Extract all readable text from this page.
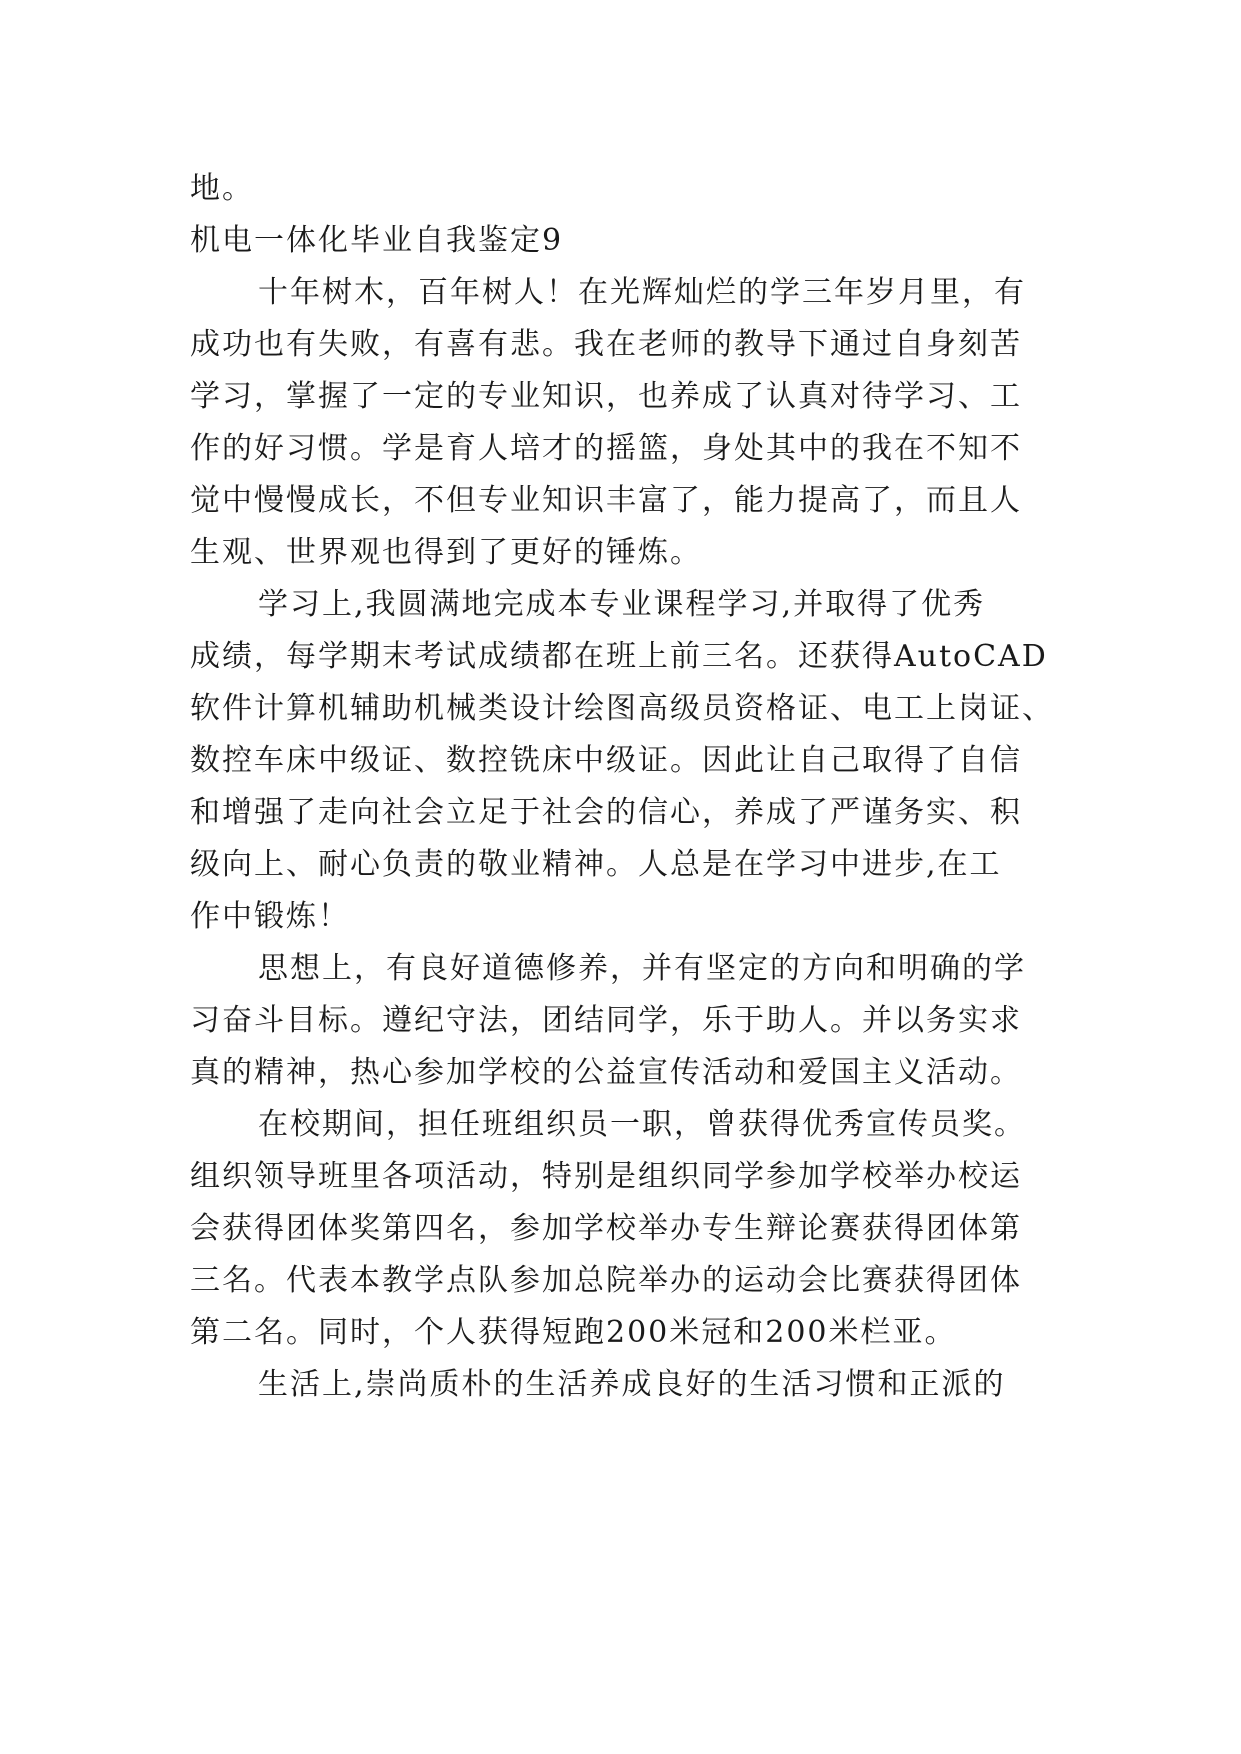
地。
机电一体化毕业自我鉴定9
十年树木，百年树人！在光辉灿烂的学三年岁月里，有
成功也有失败，有喜有悲。我在老师的教导下通过自身刻苦
学习，掌握了一定的专业知识，也养成了认真对待学习、工
作的好习惯。学是育人培才的摇篮，身处其中的我在不知不
觉中慢慢成长，不但专业知识丰富了，能力提高了，而且人
生观、世界观也得到了更好的锤炼。
学习上,我圆满地完成本专业课程学习,并取得了优秀
成绩，每学期末考试成绩都在班上前三名。还获得AutoCAD
软件计算机辅助机械类设计绘图高级员资格证、电工上岗证、
数控车床中级证、数控铣床中级证。因此让自己取得了自信
和增强了走向社会立足于社会的信心，养成了严谨务实、积
级向上、耐心负责的敬业精神。人总是在学习中进步,在工
作中锻炼！
思想上，有良好道德修养，并有坚定的方向和明确的学
习奋斗目标。遵纪守法，团结同学，乐于助人。并以务实求
真的精神，热心参加学校的公益宣传活动和爱国主义活动。
在校期间，担任班组织员一职，曾获得优秀宣传员奖。
组织领导班里各项活动，特别是组织同学参加学校举办校运
会获得团体奖第四名，参加学校举办专生辩论赛获得团体第
三名。代表本教学点队参加总院举办的运动会比赛获得团体
第二名。同时，个人获得短跑200米冠和200米栏亚。
生活上,崇尚质朴的生活养成良好的生活习惯和正派的
